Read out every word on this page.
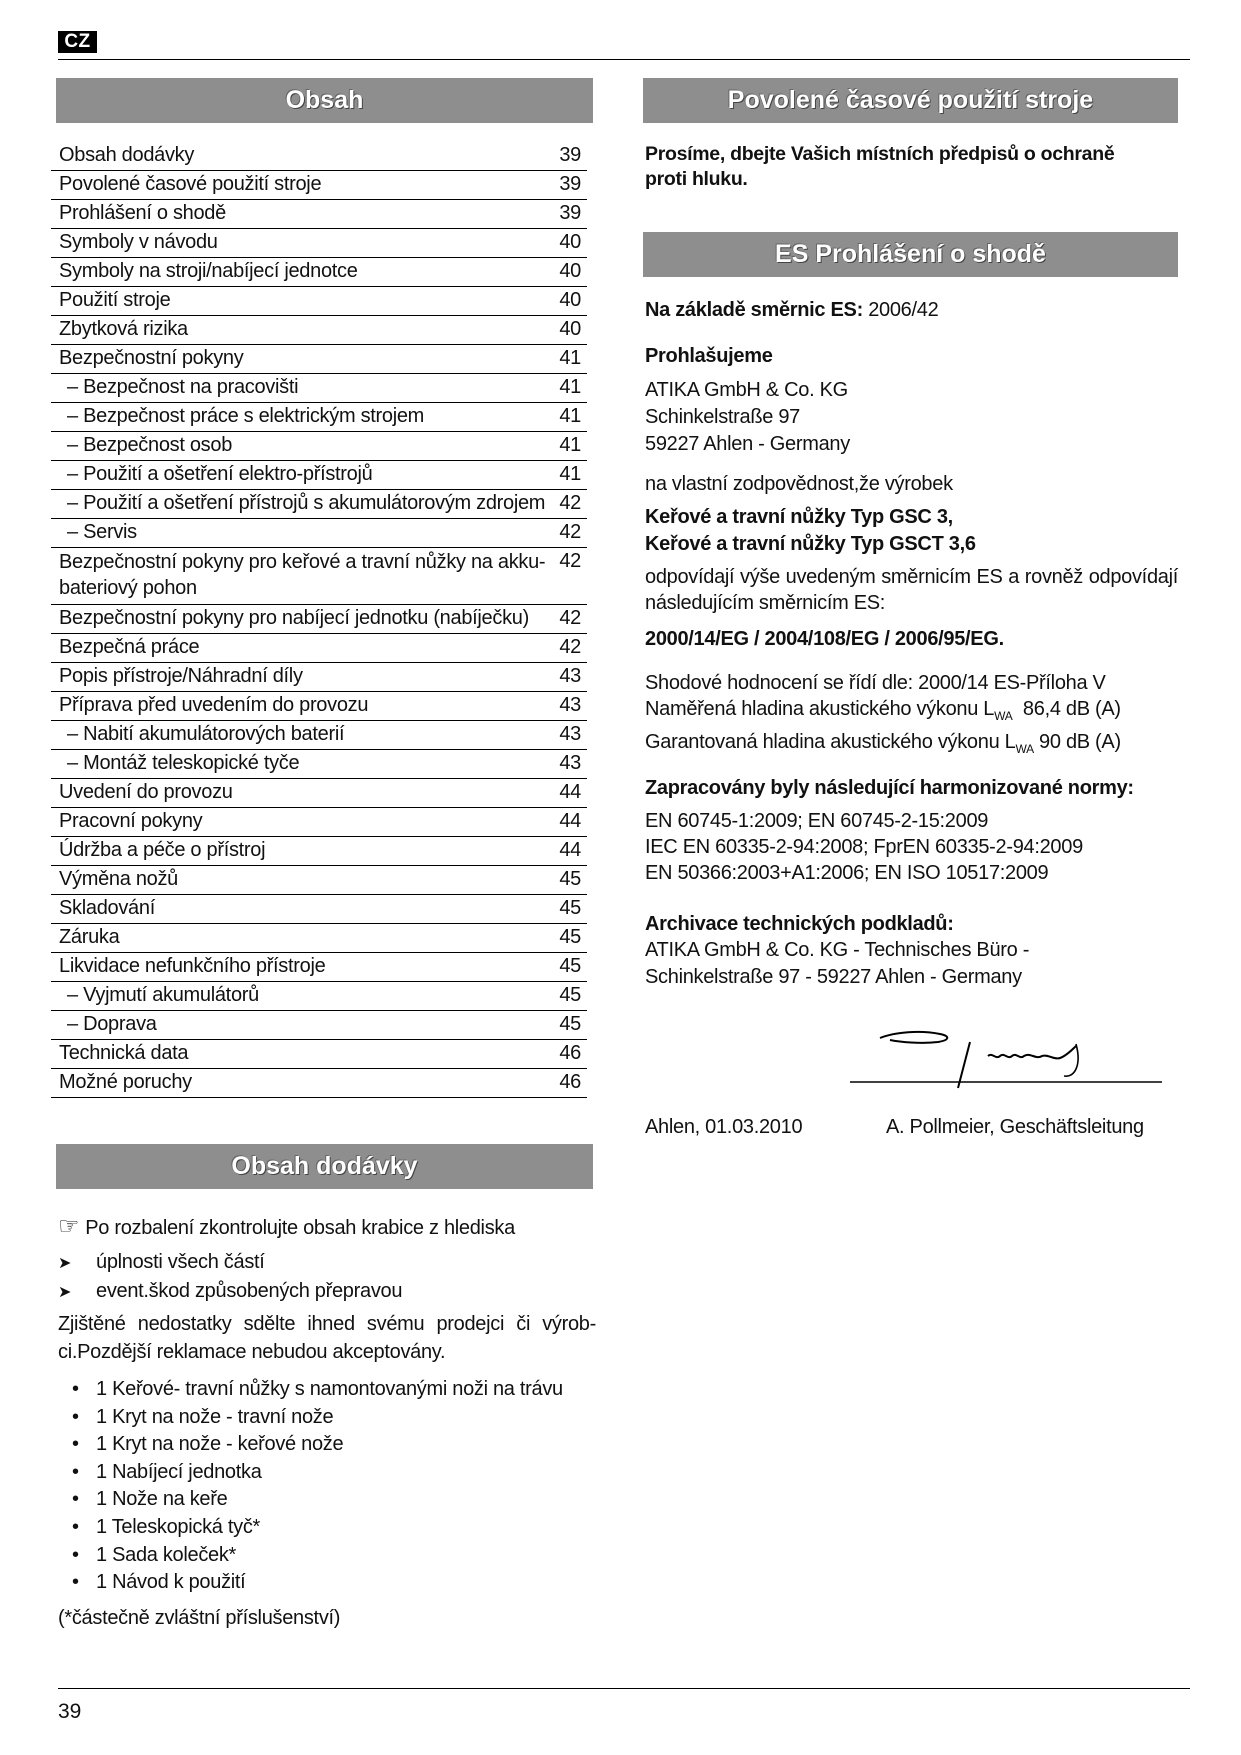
CZ
Obsah
Obsah dodávky	39
Povolené časové použití stroje	39
Prohlášení o shodě	39
Symboly v návodu	40
Symboly na stroji/nabíjecí jednotce	40
Použití stroje	40
Zbytková rizika	40
Bezpečnostní pokyny	41
– Bezpečnost na pracovišti	41
– Bezpečnost práce s elektrickým strojem	41
– Bezpečnost osob	41
– Použití a ošetření elektro-přístrojů	41
– Použití a ošetření přístrojů s akumulátorovým zdrojem 42
– Servis	42
Bezpečnostní pokyny pro keřové a travní nůžky na akku-bateriový pohon
42
Bezpečnostní pokyny pro nabíjecí jednotku (nabíječku)	42
Bezpečná práce	42
Popis přístroje/Náhradní díly	43
Příprava před uvedením do provozu	43
– Nabití akumulátorových baterií	43
– Montáž teleskopické tyče	43
Uvedení do provozu	44
Pracovní pokyny	44
Údržba a péče o přístroj	44
Výměna nožů	45
Skladování	45
Záruka	45
Likvidace nefunkčního přístroje	45
– Vyjmutí akumulátorů	45
– Doprava	45
Technická data	46
Možné poruchy	46
Obsah dodávky
☞ Po rozbalení zkontrolujte obsah krabice z hlediska
➤ úplnosti všech částí
➤ event.škod způsobených přepravou
Zjištěné nedostatky sdělte ihned svému prodejci či výrob-ci.Pozdější reklamace nebudou akceptovány.
• 1 Keřové- travní nůžky s namontovanými noži na trávu
• 1 Kryt na nože - travní nože
• 1 Kryt na nože - keřové nože
• 1 Nabíjecí jednotka
• 1 Nože na keře
• 1 Teleskopická tyč*
• 1 Sada koleček*
• 1 Návod k použití
(*částečně zvláštní příslušenství)
Povolené časové použití stroje
Prosíme, dbejte Vašich místních předpisů o ochraně proti hluku.
ES Prohlášení o shodě
Na základě směrnic ES: 2006/42
Prohlašujeme
ATIKA GmbH & Co. KG
Schinkelstraße 97
59227 Ahlen - Germany
na vlastní zodpovědnost,že výrobek
Keřové a travní nůžky Typ GSC 3,
Keřové a travní nůžky Typ GSCT 3,6
odpovídají výše uvedeným směrnicím ES a rovněž odpovídají následujícím směrnicím ES:
2000/14/EG / 2004/108/EG / 2006/95/EG.
Shodové hodnocení se řídí dle: 2000/14 ES-Příloha V
Naměřená hladina akustického výkonu $L_{WA}$  86,4 dB (A)
Garantovaná hladina akustického výkonu $L_{WA}$ 90 dB (A)
Zapracovány byly následující harmonizované normy:
EN 60745-1:2009; EN 60745-2-15:2009
IEC EN 60335-2-94:2008; FprEN 60335-2-94:2009
EN 50366:2003+A1:2006; EN ISO 10517:2009
Archivace technických podkladů:
ATIKA GmbH & Co. KG - Technisches Büro -
Schinkelstraße 97 - 59227 Ahlen - Germany
Ahlen, 01.03.2010	A. Pollmeier, Geschäftsleitung
39
